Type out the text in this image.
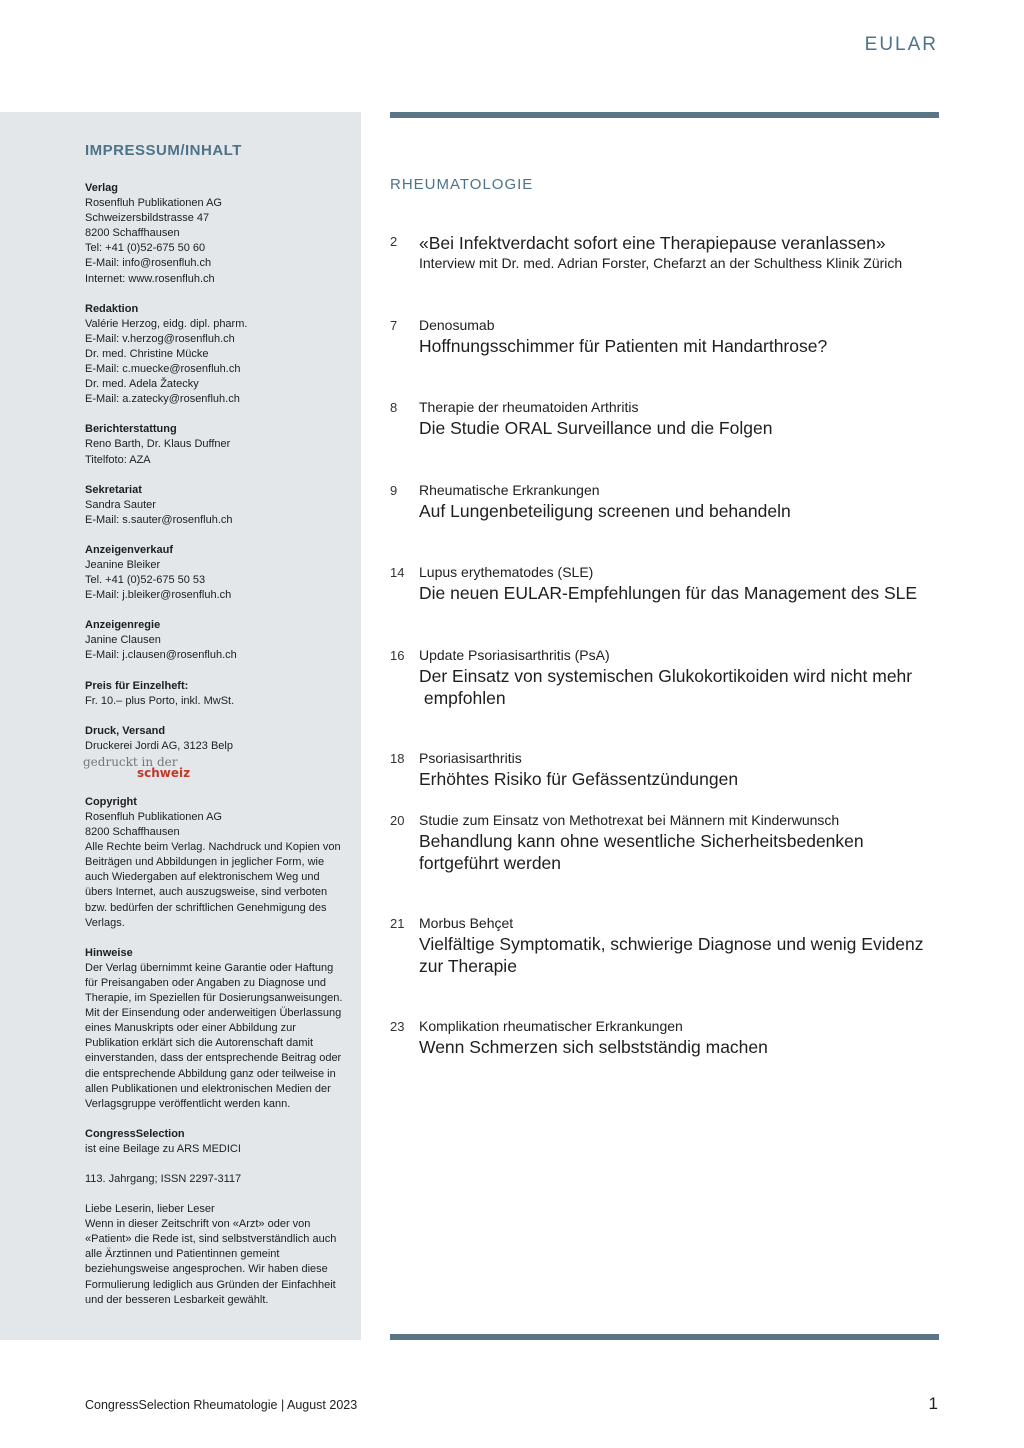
EULAR
IMPRESSUM/INHALT
Verlag
Rosenfluh Publikationen AG
Schweizersbildstrasse 47
8200 Schaffhausen
Tel: +41 (0)52-675 50 60
E-Mail: info@rosenfluh.ch
Internet: www.rosenfluh.ch
Redaktion
Valérie Herzog, eidg. dipl. pharm.
E-Mail: v.herzog@rosenfluh.ch
Dr. med. Christine Mücke
E-Mail: c.muecke@rosenfluh.ch
Dr. med. Adela Žatecky
E-Mail: a.zatecky@rosenfluh.ch
Berichterstattung
Reno Barth, Dr. Klaus Duffner
Titelfoto: AZA
Sekretariat
Sandra Sauter
E-Mail: s.sauter@rosenfluh.ch
Anzeigenverkauf
Jeanine Bleiker
Tel. +41 (0)52-675 50 53
E-Mail: j.bleiker@rosenfluh.ch
Anzeigenregie
Janine Clausen
E-Mail: j.clausen@rosenfluh.ch
Preis für Einzelheft:
Fr. 10.– plus Porto, inkl. MwSt.
Druck, Versand
Druckerei Jordi AG, 3123 Belp
gedruckt in der
schweiz
Copyright
Rosenfluh Publikationen AG
8200 Schaffhausen
Alle Rechte beim Verlag. Nachdruck und Kopien von Beiträgen und Abbildungen in jeglicher Form, wie auch Wiedergaben auf elektronischem Weg und übers Internet, auch auszugsweise, sind verboten bzw. bedürfen der schriftlichen Genehmigung des Verlags.
Hinweise
Der Verlag übernimmt keine Garantie oder Haftung für Preisangaben oder Angaben zu Diagnose und Therapie, im Speziellen für Dosierungsanweisungen. Mit der Einsendung oder anderweitigen Überlassung eines Manuskripts oder einer Abbildung zur Publikation erklärt sich die Autorenschaft damit einverstanden, dass der entsprechende Beitrag oder die entsprechende Abbildung ganz oder teilweise in allen Publikationen und elektronischen Medien der Verlagsgruppe veröffentlicht werden kann.
CongressSelection
ist eine Beilage zu ARS MEDICI
113. Jahrgang; ISSN 2297-3117
Liebe Leserin, lieber Leser
Wenn in dieser Zeitschrift von «Arzt» oder von «Patient» die Rede ist, sind selbstverständlich auch alle Ärztinnen und Patientinnen gemeint beziehungsweise angesprochen. Wir haben diese Formulierung lediglich aus Gründen der Einfachheit und der besseren Lesbarkeit gewählt.
RHEUMATOLOGIE
2 «Bei Infektverdacht sofort eine Therapiepause veranlassen»
Interview mit Dr. med. Adrian Forster, Chefarzt an der Schulthess Klinik Zürich
7 Denosumab
Hoffnungsschimmer für Patienten mit Handarthrose?
8 Therapie der rheumatoiden Arthritis
Die Studie ORAL Surveillance und die Folgen
9 Rheumatische Erkrankungen
Auf Lungenbeteiligung screenen und behandeln
14 Lupus erythematodes (SLE)
Die neuen EULAR-Empfehlungen für das Management des SLE
16 Update Psoriasisarthritis (PsA)
Der Einsatz von systemischen Glukokortikoiden wird nicht mehr
empfohlen
18 Psoriasisarthritis
Erhöhtes Risiko für Gefässentzündungen
20 Studie zum Einsatz von Methotrexat bei Männern mit Kinderwunsch
Behandlung kann ohne wesentliche Sicherheitsbedenken
fortgeführt werden
21 Morbus Behçet
Vielfältige Symptomatik, schwierige Diagnose und wenig Evidenz
zur Therapie
23 Komplikation rheumatischer Erkrankungen
Wenn Schmerzen sich selbstständig machen
CongressSelection Rheumatologie | August 2023	1
